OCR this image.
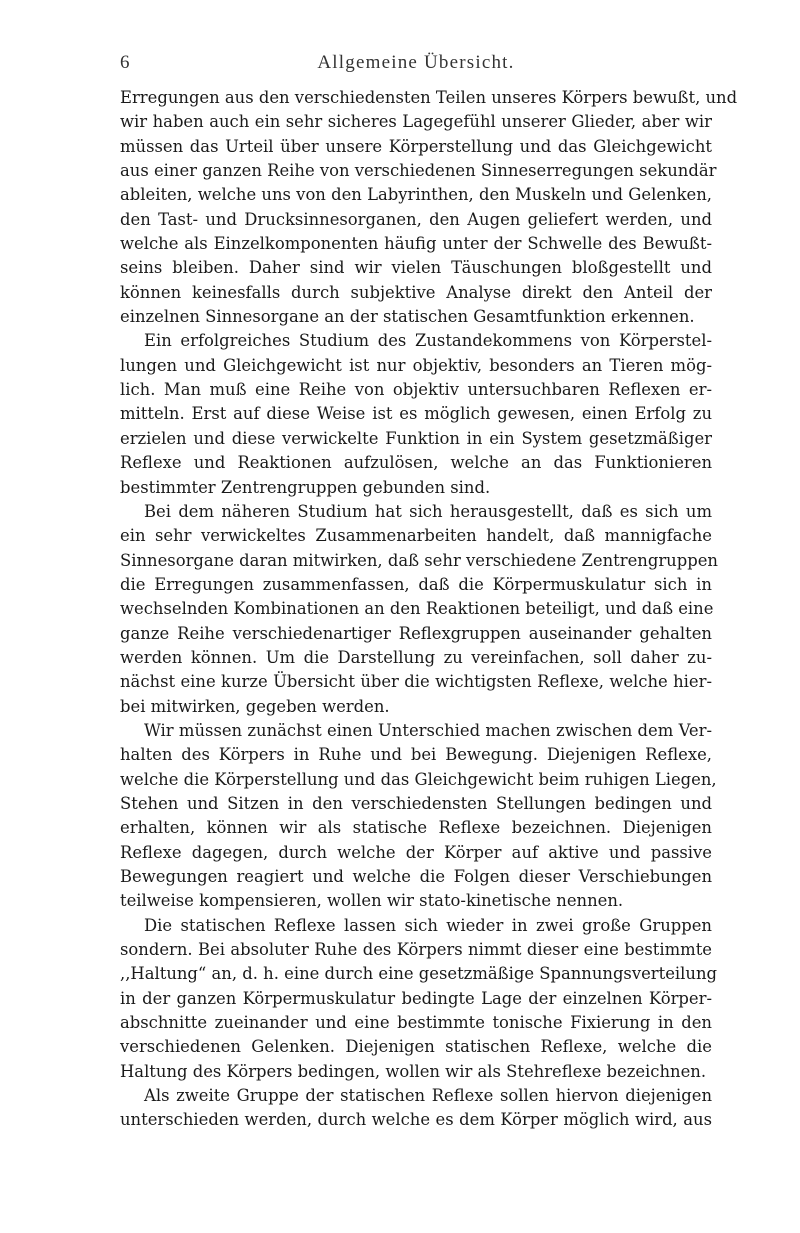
6	Allgemeine Übersicht.
Erregungen aus den verschiedensten Teilen unseres Körpers bewußt, und
wir haben auch ein sehr sicheres Lagegefühl unserer Glieder, aber wir
müssen das Urteil über unsere Körperstellung und das Gleichgewicht
aus einer ganzen Reihe von verschiedenen Sinneserregungen sekundär
ableiten, welche uns von den Labyrinthen, den Muskeln und Gelenken,
den Tast- und Drucksinnesorganen, den Augen geliefert werden, und
welche als Einzelkomponenten häufig unter der Schwelle des Bewußt-
seins bleiben. Daher sind wir vielen Täuschungen bloßgestellt und
können keinesfalls durch subjektive Analyse direkt den Anteil der
einzelnen Sinnesorgane an der statischen Gesamtfunktion erkennen.
Ein erfolgreiches Studium des Zustandekommens von Körperstel-
lungen und Gleichgewicht ist nur objektiv, besonders an Tieren mög-
lich. Man muß eine Reihe von objektiv untersuchbaren Reflexen er-
mitteln. Erst auf diese Weise ist es möglich gewesen, einen Erfolg zu
erzielen und diese verwickelte Funktion in ein System gesetzmäßiger
Reflexe und Reaktionen aufzulösen, welche an das Funktionieren
bestimmter Zentrengruppen gebunden sind.
Bei dem näheren Studium hat sich herausgestellt, daß es sich um
ein sehr verwickeltes Zusammenarbeiten handelt, daß mannigfache
Sinnesorgane daran mitwirken, daß sehr verschiedene Zentrengruppen
die Erregungen zusammenfassen, daß die Körpermuskulatur sich in
wechselnden Kombinationen an den Reaktionen beteiligt, und daß eine
ganze Reihe verschiedenartiger Reflexgruppen auseinander gehalten
werden können. Um die Darstellung zu vereinfachen, soll daher zu-
nächst eine kurze Übersicht über die wichtigsten Reflexe, welche hier-
bei mitwirken, gegeben werden.
Wir müssen zunächst einen Unterschied machen zwischen dem Ver-
halten des Körpers in Ruhe und bei Bewegung. Diejenigen Reflexe,
welche die Körperstellung und das Gleichgewicht beim ruhigen Liegen,
Stehen und Sitzen in den verschiedensten Stellungen bedingen und
erhalten, können wir als statische Reflexe bezeichnen. Diejenigen
Reflexe dagegen, durch welche der Körper auf aktive und passive
Bewegungen reagiert und welche die Folgen dieser Verschiebungen
teilweise kompensieren, wollen wir stato-kinetische nennen.
Die statischen Reflexe lassen sich wieder in zwei große Gruppen
sondern. Bei absoluter Ruhe des Körpers nimmt dieser eine bestimmte
,,Haltung“ an, d. h. eine durch eine gesetzmäßige Spannungsverteilung
in der ganzen Körpermuskulatur bedingte Lage der einzelnen Körper-
abschnitte zueinander und eine bestimmte tonische Fixierung in den
verschiedenen Gelenken. Diejenigen statischen Reflexe, welche die
Haltung des Körpers bedingen, wollen wir als Stehreflexe bezeichnen.
Als zweite Gruppe der statischen Reflexe sollen hiervon diejenigen
unterschieden werden, durch welche es dem Körper möglich wird, aus
